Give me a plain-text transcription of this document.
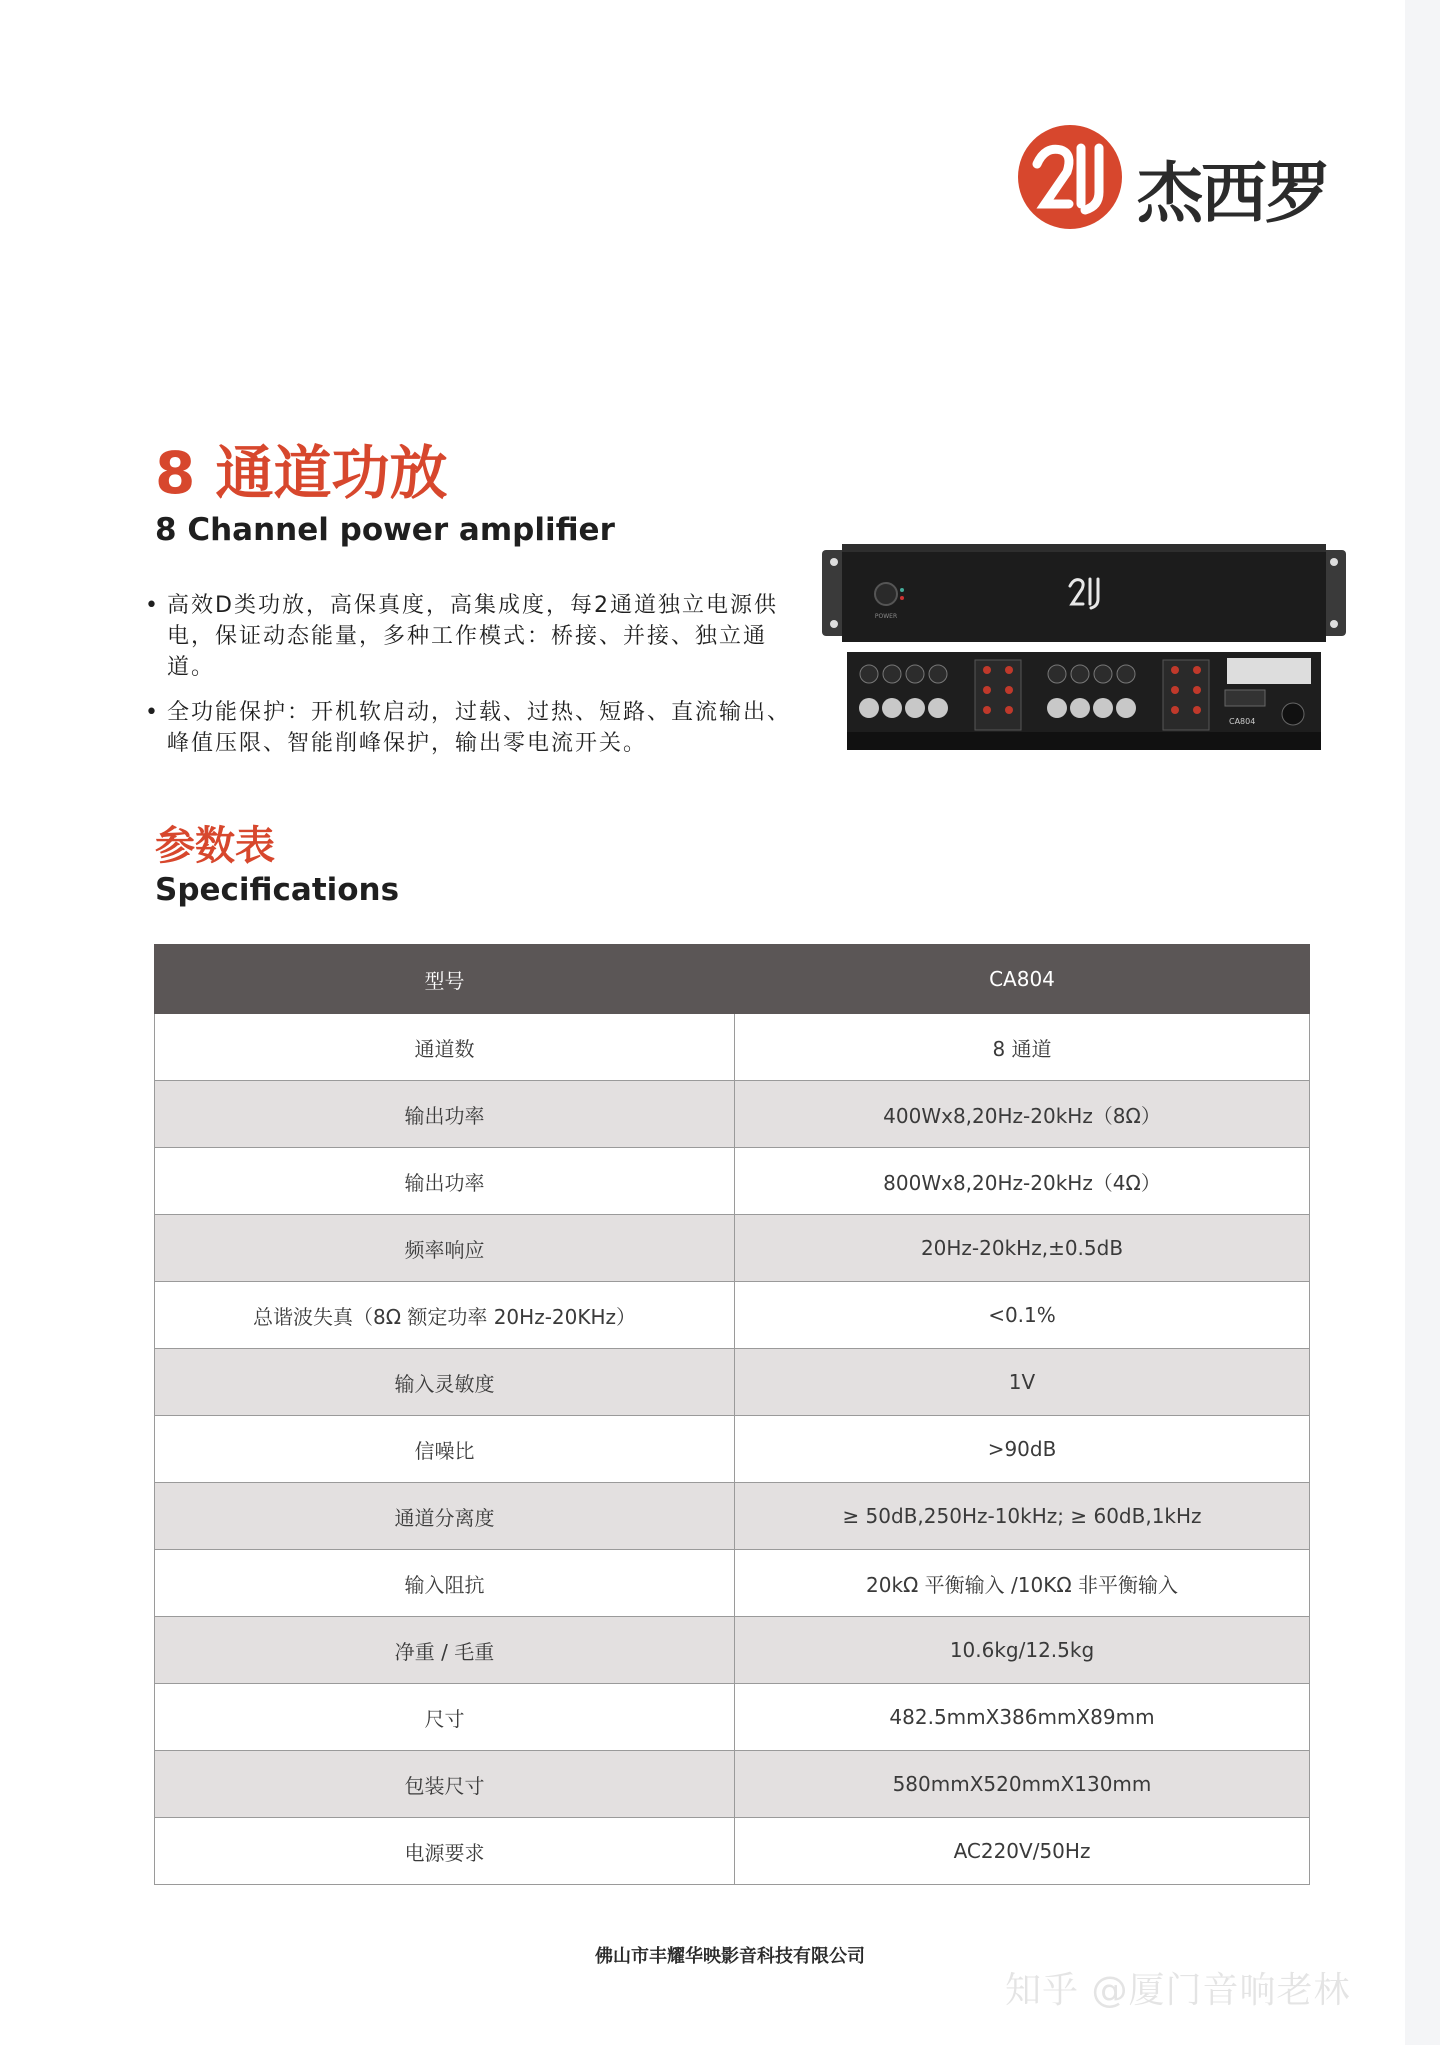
杰西罗
8 通道功放
8 Channel power amplifier
• 高效D类功放，高保真度，高集成度，每2通道独立电源供电，保证动态能量，多种工作模式：桥接、并接、独立通道。
• 全功能保护：开机软启动，过载、过热、短路、直流输出、峰值压限、智能削峰保护，输出零电流开关。
POWER
CA804
参数表
Specifications
型号	CA804
通道数	8 通道
输出功率	400Wx8,20Hz-20kHz（8Ω）
输出功率	800Wx8,20Hz-20kHz（4Ω）
频率响应	20Hz-20kHz,±0.5dB
总谐波失真（8Ω 额定功率 20Hz-20KHz）	<0.1%
输入灵敏度	1V
信噪比	>90dB
通道分离度	≥ 50dB,250Hz-10kHz; ≥ 60dB,1kHz
输入阻抗	20kΩ 平衡输入 /10KΩ 非平衡输入
净重 / 毛重	10.6kg/12.5kg
尺寸	482.5mmX386mmX89mm
包装尺寸	580mmX520mmX130mm
电源要求	AC220V/50Hz
佛山市丰耀华映影音科技有限公司
知乎 @厦门音响老林
